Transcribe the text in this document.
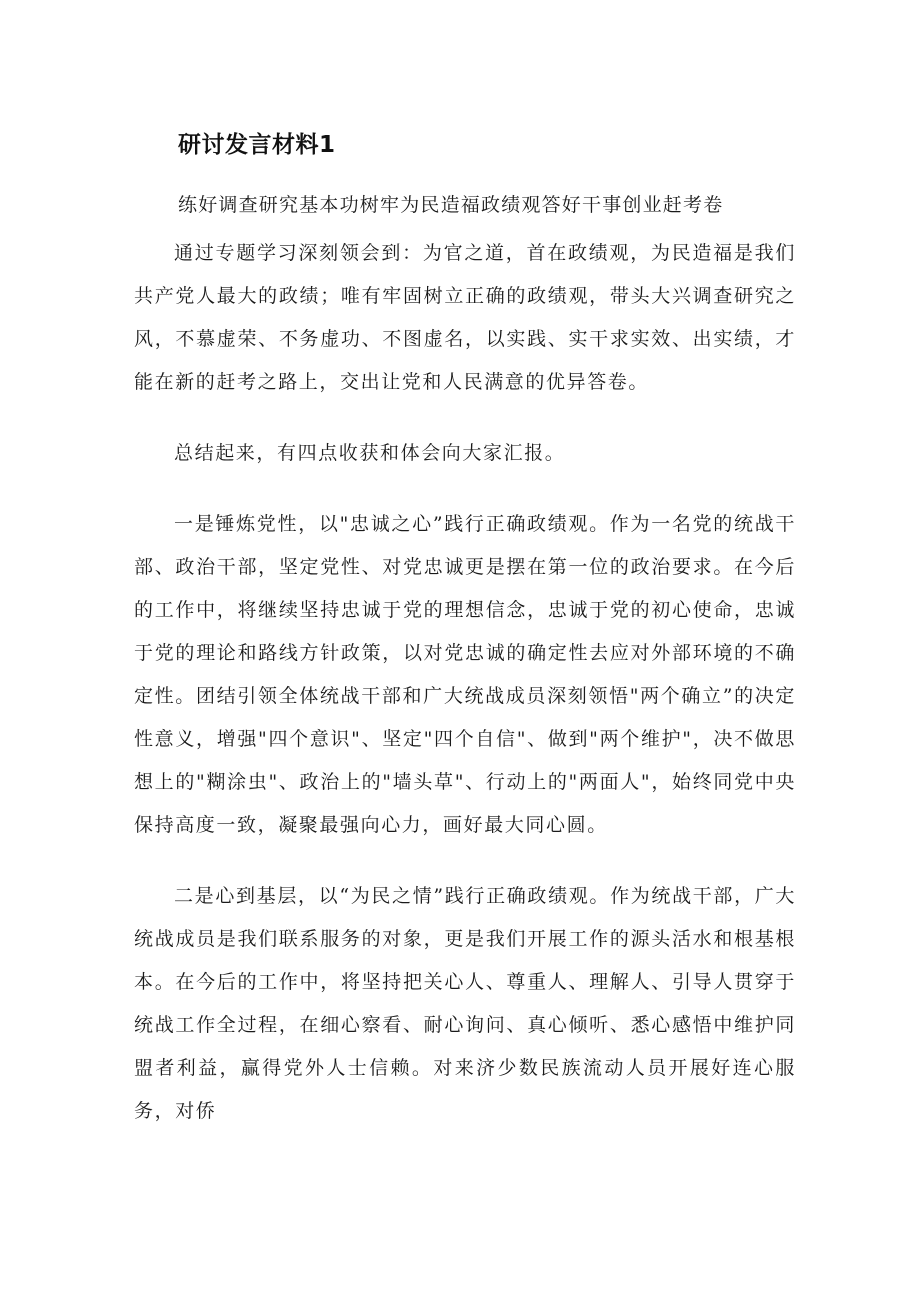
研讨发言材料1
练好调查研究基本功树牢为民造福政绩观答好干事创业赶考卷

通过专题学习深刻领会到：为官之道，首在政绩观，为民造福是我们共产党人最大的政绩；唯有牢固树立正确的政绩观，带头大兴调查研究之风，不慕虚荣、不务虚功、不图虚名，以实践、实干求实效、出实绩，才能在新的赶考之路上，交出让党和人民满意的优异答卷。

总结起来，有四点收获和体会向大家汇报。

一是锤炼党性，以"忠诚之心”践行正确政绩观。作为一名党的统战干部、政治干部，坚定党性、对党忠诚更是摆在第一位的政治要求。在今后的工作中，将继续坚持忠诚于党的理想信念，忠诚于党的初心使命，忠诚于党的理论和路线方针政策，以对党忠诚的确定性去应对外部环境的不确定性。团结引领全体统战干部和广大统战成员深刻领悟"两个确立”的决定性意义，增强"四个意识"、坚定"四个自信"、做到"两个维护"，决不做思想上的"糊涂虫"、政治上的"墙头草"、行动上的"两面人"，始终同党中央保持高度一致，凝聚最强向心力，画好最大同心圆。

二是心到基层，以“为民之情”践行正确政绩观。作为统战干部，广大统战成员是我们联系服务的对象，更是我们开展工作的源头活水和根基根本。在今后的工作中，将坚持把关心人、尊重人、理解人、引导人贯穿于统战工作全过程，在细心察看、耐心询问、真心倾听、悉心感悟中维护同盟者利益，赢得党外人士信赖。对来济少数民族流动人员开展好连心服务，对侨
